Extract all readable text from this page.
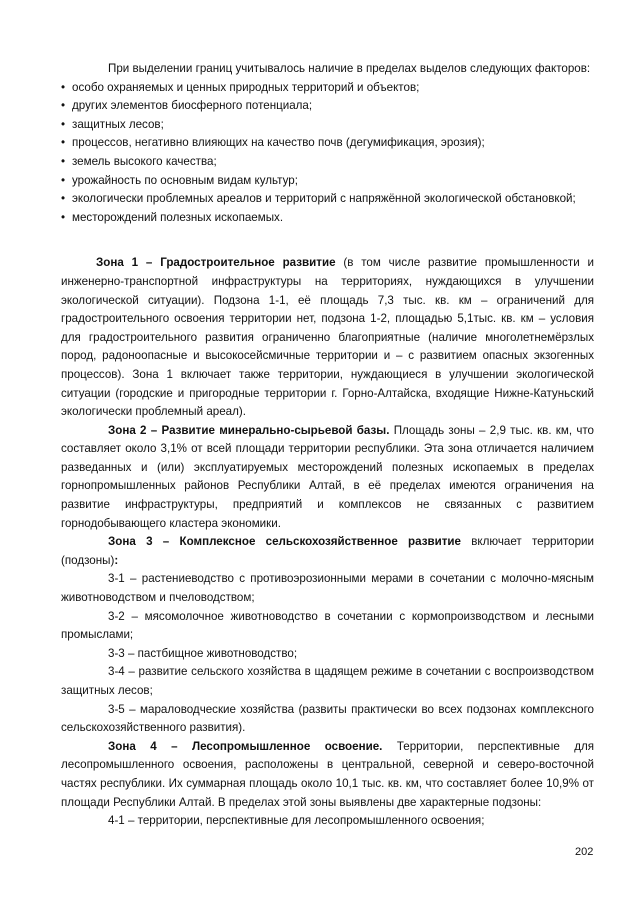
При выделении границ учитывалось наличие в пределах выделов следующих факторов:

• особо охраняемых и ценных природных территорий и объектов;
• других элементов биосферного потенциала;
• защитных лесов;
• процессов, негативно влияющих на качество почв (дегумификация, эрозия);
• земель высокого качества;
• урожайность по основным видам культур;
• экологически проблемных ареалов и территорий с напряжённой экологической обстановкой;
• месторождений полезных ископаемых.

Зона 1 – Градостроительное развитие (в том числе развитие промышленности и инженерно-транспортной инфраструктуры на территориях, нуждающихся в улучшении экологической ситуации). Подзона 1-1, её площадь 7,3 тыс. кв. км – ограничений для градостроительного освоения территории нет, подзона 1-2, площадью 5,1тыс. кв. км – условия для градостроительного развития ограниченно благоприятные (наличие многолетнемёрзлых пород, радоноопасные и высокосейсмичные территории и – с развитием опасных экзогенных процессов). Зона 1 включает также территории, нуждающиеся в улучшении экологической ситуации (городские и пригородные территории г. Горно-Алтайска, входящие Нижне-Катуньский экологически проблемный ареал).

Зона 2 – Развитие минерально-сырьевой базы. Площадь зоны – 2,9 тыс. кв. км, что составляет около 3,1% от всей площади территории республики. Эта зона отличается наличием разведанных и (или) эксплуатируемых месторождений полезных ископаемых в пределах горнопромышленных районов Республики Алтай, в её пределах имеются ограничения на развитие инфраструктуры, предприятий и комплексов не связанных с развитием горнодобывающего кластера экономики.

Зона 3 – Комплексное сельскохозяйственное развитие включает территории (подзоны):

3-1 – растениеводство с противоэрозионными мерами в сочетании с молочно-мясным животноводством и пчеловодством;

3-2 – мясомолочное животноводство в сочетании с кормопроизводством и лесными промыслами;

3-3 – пастбищное животноводство;

3-4 – развитие сельского хозяйства в щадящем режиме в сочетании с воспроизводством защитных лесов;

3-5 – мараловодческие хозяйства (развиты практически во всех подзонах комплексного сельскохозяйственного развития).

Зона 4 – Лесопромышленное освоение. Территории, перспективные для лесопромышленного освоения, расположены в центральной, северной и северо-восточной частях республики. Их суммарная площадь около 10,1 тыс. кв. км, что составляет более 10,9% от площади Республики Алтай. В пределах этой зоны выявлены две характерные подзоны:

4-1 – территории, перспективные для лесопромышленного освоения;

202
